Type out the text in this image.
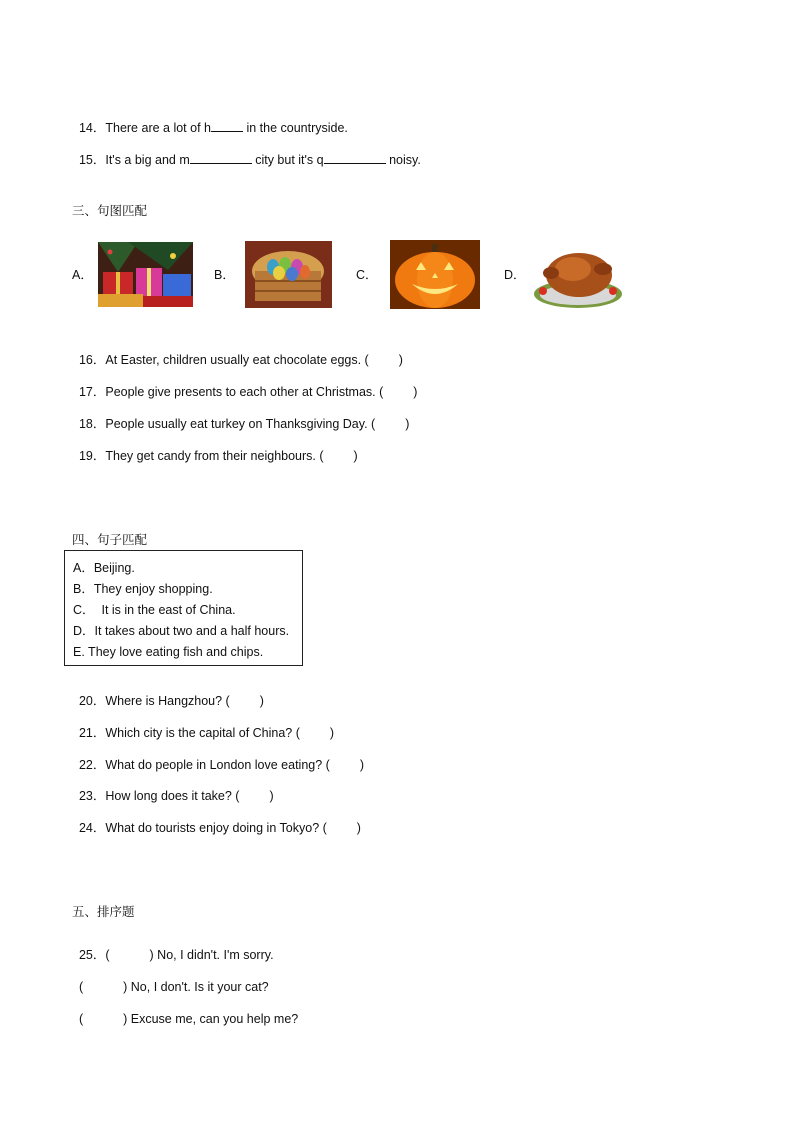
14．There are a lot of h	in the countryside.

15．It's a big and m	city but it's q	noisy.

三、句图匹配
A．	B．	C．	D．

16．At Easter, children usually eat chocolate eggs. ( )

17．People give presents to each other at Christmas. ( )

18．People usually eat turkey on Thanksgiving Day. ( )

19．They get candy from their neighbours. ( )

四、句子匹配
A．Beijing.
B．They enjoy shopping.
C．  It is in the east of China.
D．It takes about two and a half hours.
E. They love eating fish and chips.

20．Where is Hangzhou? ( )

21．Which city is the capital of China? ( )

22．What do people in London love eating? ( )

23．How long does it take? ( )

24．What do tourists enjoy doing in Tokyo? ( )

五、排序题

25．(	) No, I didn't. I'm sorry.

(	) No, I don't. Is it your cat?

(	) Excuse me, can you help me?
